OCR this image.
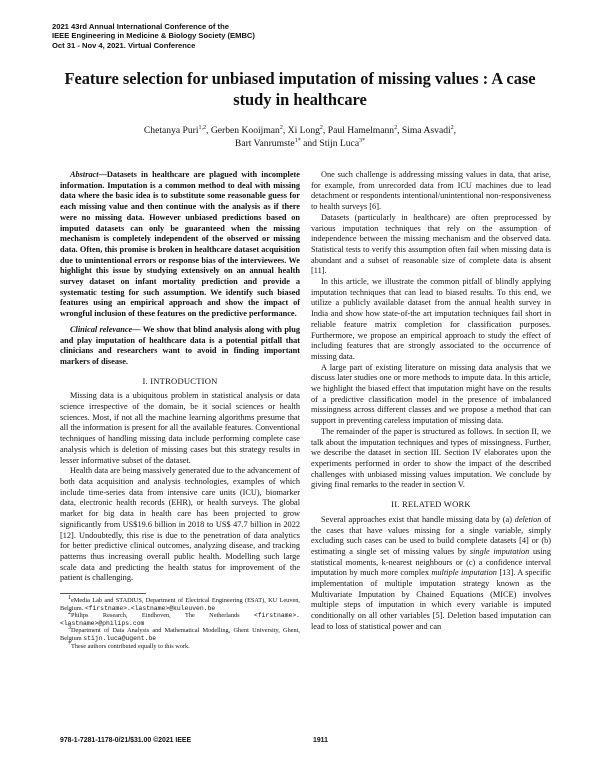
2021 43rd Annual International Conference of the
IEEE Engineering in Medicine & Biology Society (EMBC)
Oct 31 - Nov 4, 2021. Virtual Conference
Feature selection for unbiased imputation of missing values : A case study in healthcare
Chetanya Puri$^{1,2}$, Gerben Kooijman$^2$, Xi Long$^2$, Paul Hamelmann$^2$, Sima Asvadi$^2$,
Bart Vanrumste$^{1*}$ and Stijn Luca$^{3*}$

Abstract—Datasets in healthcare are plagued with incomplete information. Imputation is a common method to deal with missing data where the basic idea is to substitute some reasonable guess for each missing value and then continue with the analysis as if there were no missing data. However unbiased predictions based on imputed datasets can only be guaranteed when the missing mechanism is completely independent of the observed or missing data. Often, this promise is broken in healthcare dataset acquisition due to unintentional errors or response bias of the interviewees. We highlight this issue by studying extensively on an annual health survey dataset on infant mortality prediction and provide a systematic testing for such assumption. We identify such biased features using an empirical approach and show the impact of wrongful inclusion of these features on the predictive performance.

Clinical relevance— We show that blind analysis along with plug and play imputation of healthcare data is a potential pitfall that clinicians and researchers want to avoid in finding important markers of disease.

I. INTRODUCTION

Missing data is a ubiquitous problem in statistical analysis or data science irrespective of the domain, be it social sciences or health sciences. Most, if not all the machine learning algorithms presume that all the information is present for all the available features. Conventional techniques of handling missing data include performing complete case analysis which is deletion of missing cases but this strategy results in lesser informative subset of the dataset.

Health data are being massively generated due to the advancement of both data acquisition and analysis technologies, examples of which include time-series data from intensive care units (ICU), biomarker data, electronic health records (EHR), or health surveys. The global market for big data in health care has been projected to grow significantly from US$19.6 billion in 2018 to US$ 47.7 billion in 2022 [12]. Undoubtedly, this rise is due to the penetration of data analytics for better predictive clinical outcomes, analyzing disease, and tracking patterns thus increasing overall public health. Modelling such large scale data and predicting the health status for improvement of the patient is challenging.

$^1$eMedia Lab and STADIUS, Department of Electrical Engineering (ESAT), KU Leuven, Belgium. <firstname>.<lastname>@kuleuven.be

$^2$Philips Research, Eindhoven, The Netherlands <firstname>.<lastname>@philips.com

$^3$Department of Data Analysis and Mathematical Modelling, Ghent University, Ghent, Belgium stijn.luca@ugent.be

*These authors contributed equally to this work.

One such challenge is addressing missing values in data, that arise, for example, from unrecorded data from ICU machines due to lead detachment or respondents intentional/unintentional non-responsiveness to health surveys [6].

Datasets (particularly in healthcare) are often preprocessed by various imputation techniques that rely on the assumption of independence between the missing mechanism and the observed data. Statistical tests to verify this assumption often fail when missing data is abundant and a subset of reasonable size of complete data is absent [11].

In this article, we illustrate the common pitfall of blindly applying imputation techniques that can lead to biased results. To this end, we utilize a publicly available dataset from the annual health survey in India and show how state-of-the art imputation techniques fail short in reliable feature matrix completion for classification purposes. Furthermore, we propose an empirical approach to study the effect of including features that are strongly associated to the occurrence of missing data.

A large part of existing literature on missing data analysis that we discuss later studies one or more methods to impute data. In this article, we highlight the biased effect that imputation might have on the results of a predictive classification model in the presence of imbalanced missingness across different classes and we propose a method that can support in preventing careless imputation of missing data.

The remainder of the paper is structured as follows. In section II, we talk about the imputation techniques and types of missingness. Further, we describe the dataset in section III. Section IV elaborates upon the experiments performed in order to show the impact of the described challenges with unbiased missing values imputation. We conclude by giving final remarks to the reader in section V.

II. RELATED WORK

Several approaches exist that handle missing data by (a) deletion of the cases that have values missing for a single variable, simply excluding such cases can be used to build complete datasets [4] or (b) estimating a single set of missing values by single imputation using statistical moments, k-nearest neighbours or (c) a confidence interval imputation by much more complex multiple imputation [13]. A specific implementation of multiple imputation strategy known as the Multivariate Imputation by Chained Equations (MICE) involves multiple steps of imputation in which every variable is imputed conditionally on all other variables [5]. Deletion based imputation can lead to loss of statistical power and can

978-1-7281-1178-0/21/$31.00 ©2021 IEEE	1911
